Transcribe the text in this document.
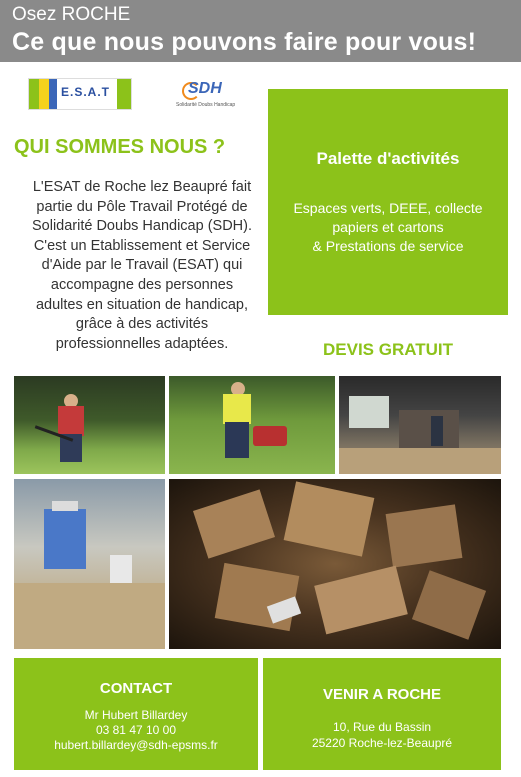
Osez ROCHE
Ce que nous pouvons faire pour vous!
E.S.A.T	SDH
Solidarité Doubs Handicap
QUI SOMMES NOUS ?
L'ESAT de Roche lez Beaupré fait
partie du Pôle Travail Protégé de
Solidarité Doubs Handicap (SDH).
C'est un Etablissement et Service
d'Aide par le Travail (ESAT) qui
accompagne des personnes
adultes en situation de handicap,
grâce à des activités
professionnelles adaptées.
Palette d'activités
Espaces verts, DEEE, collecte
papiers et cartons
& Prestations de service
DEVIS GRATUIT
CONTACT
Mr Hubert Billardey
03 81 47 10 00
hubert.billardey@sdh-epsms.fr
VENIR A ROCHE
10, Rue du Bassin
25220 Roche-lez-Beaupré
